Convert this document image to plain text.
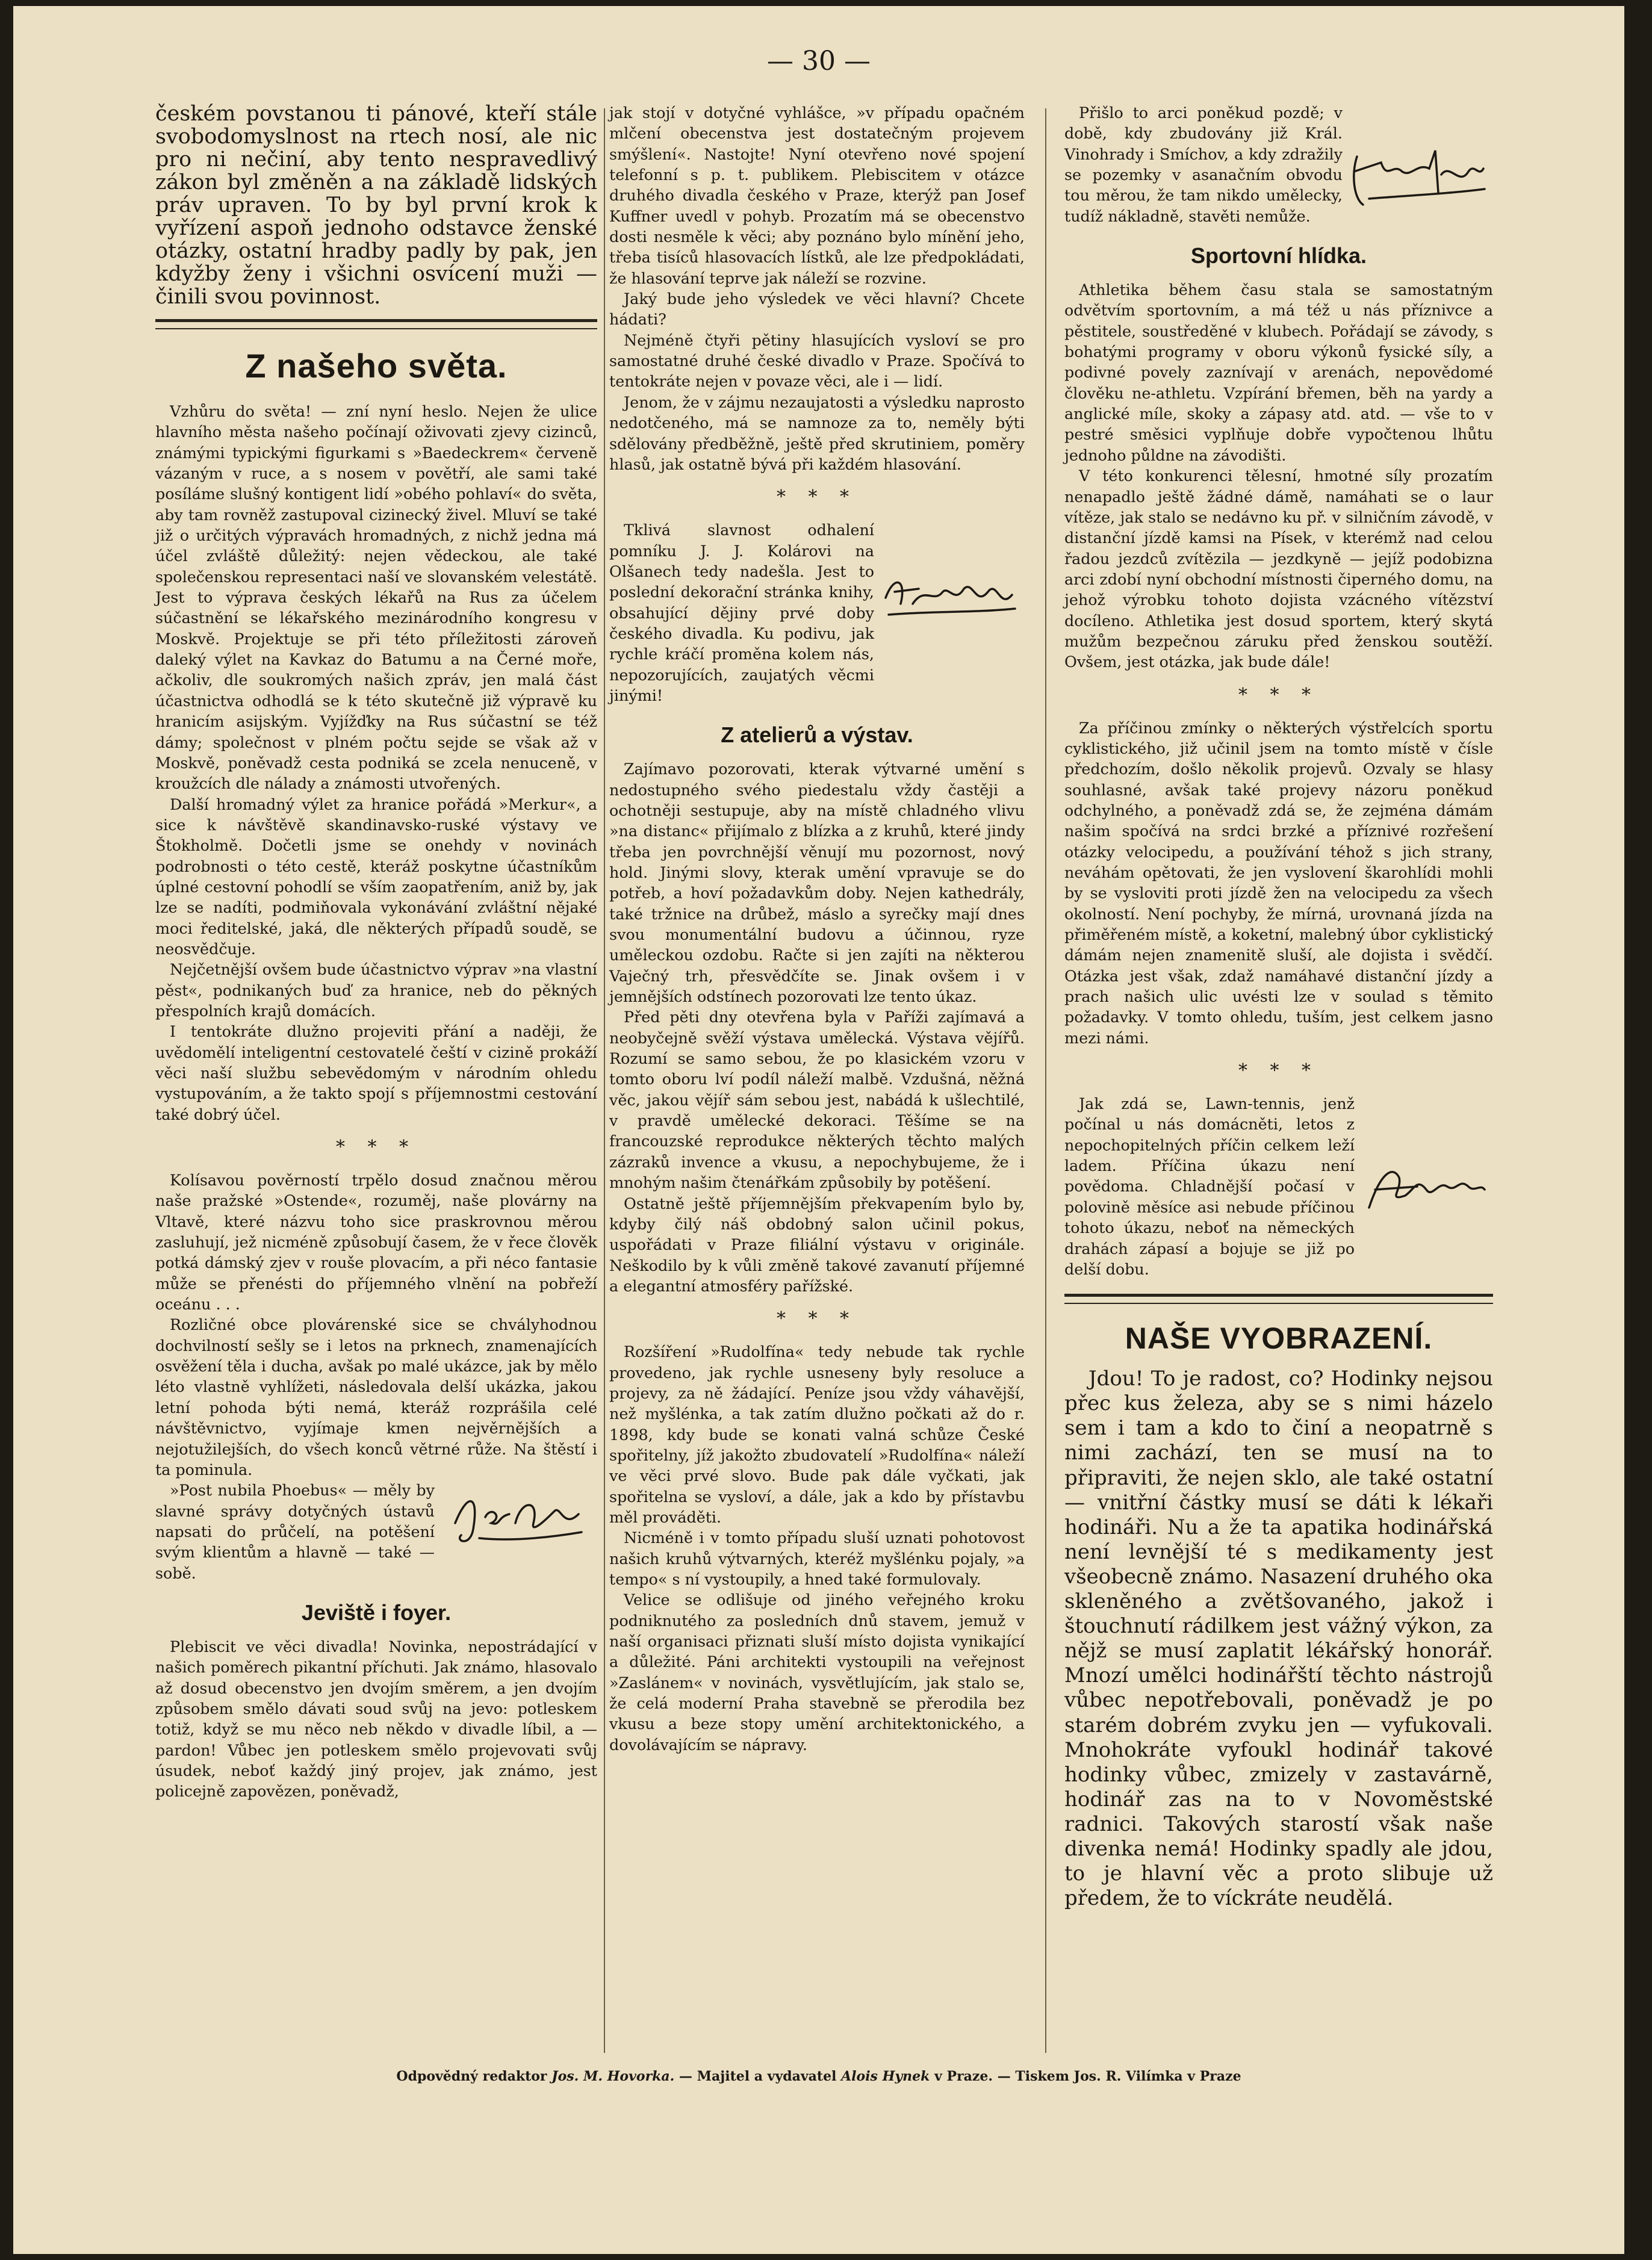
— 30 —

českém povstanou ti pánové, kteří stále svobodomyslnost na rtech nosí, ale nic pro ni nečiní, aby tento nespravedlivý zákon byl změněn a na základě lidských práv upraven. To by byl první krok k vyřízení aspoň jednoho odstavce ženské otázky, ostatní hradby padly by pak, jen kdyžby ženy i všichni osvícení muži — činili svou povinnost.

Z našeho světa.

Vzhůru do světa! — zní nyní heslo. Nejen že ulice hlavního města našeho počínají oživovati zjevy cizinců, známými typickými figurkami s »Baedeckrem« červeně vázaným v ruce, a s nosem v povětří, ale sami také posíláme slušný kontigent lidí »obého pohlaví« do světa, aby tam rovněž zastupoval cizinecký živel. Mluví se také již o určitých výpravách hromadných, z nichž jedna má účel zvláště důležitý: nejen vědeckou, ale také společenskou representaci naší ve slovanském velestátě. Jest to výprava českých lékařů na Rus za účelem súčastnění se lékařského mezinárodního kongresu v Moskvě. Projektuje se při této příležitosti zároveň daleký výlet na Kavkaz do Batumu a na Černé moře, ačkoliv, dle soukromých našich zpráv, jen malá část účastnictva odhodlá se k této skutečně již výpravě ku hranicím asijským. Vyjížďky na Rus súčastní se též dámy; společnost v plném počtu sejde se však až v Moskvě, poněvadž cesta podniká se zcela nenuceně, v kroužcích dle nálady a známosti utvořených.

Další hromadný výlet za hranice pořádá »Merkur«, a sice k návštěvě skandinavsko-ruské výstavy ve Štokholmě. Dočetli jsme se onehdy v novinách podrobnosti o této cestě, kteráž poskytne účastníkům úplné cestovní pohodlí se vším zaopatřením, aniž by, jak lze se nadíti, podmiňovala vykonávání zvláštní nějaké moci ředitelské, jaká, dle některých případů soudě, se neosvědčuje.

Nejčetnější ovšem bude účastnictvo výprav »na vlastní pěst«, podnikaných buď za hranice, neb do pěkných přespolních krajů domácích.

I tentokráte dlužno projeviti přání a naději, že uvědomělí inteligentní cestovatelé čeští v cizině prokáží věci naší službu sebevědomým v národním ohledu vystupováním, a že takto spojí s příjemnostmi cestování také dobrý účel.

* * *

Kolísavou pověrností trpělo dosud značnou měrou naše pražské »Ostende«, rozuměj, naše plovárny na Vltavě, které názvu toho sice praskrovnou měrou zasluhují, jež nicméně způsobují časem, že v řece člověk potká dámský zjev v rouše plovacím, a při néco fantasie může se přenésti do příjemného vlnění na pobřeží oceánu . . .

Rozličné obce plovárenské sice se chvályhodnou dochvilností sešly se i letos na prknech, znamenajících osvěžení těla i ducha, avšak po malé ukázce, jak by mělo léto vlastně vyhlížeti, následovala delší ukázka, jakou letní pohoda býti nemá, kteráž rozprášila celé návštěvnictvo, vyjímaje kmen nejvěrnějších a nejotužilejších, do všech konců větrné růže. Na štěstí i ta pominula.

»Post nubila Phoebus« — měly by slavné správy dotyčných ústavů napsati do průčelí, na potěšení svým klientům a hlavně — také — sobě.

Jeviště i foyer.

Plebiscit ve věci divadla! Novinka, nepostrádající v našich poměrech pikantní příchuti. Jak známo, hlasovalo až dosud obecenstvo jen dvojím směrem, a jen dvojím způsobem smělo dávati soud svůj na jevo: potleskem totiž, když se mu něco neb někdo v divadle líbil, a — pardon! Vůbec jen potleskem smělo projevovati svůj úsudek, neboť každý jiný projev, jak známo, jest policejně zapovězen, poněvadž,

jak stojí v dotyčné vyhlášce, »v případu opačném mlčení obecenstva jest dostatečným projevem smýšlení«. Nastojte! Nyní otevřeno nové spojení telefonní s p. t. publikem. Plebiscitem v otázce druhého divadla českého v Praze, kterýž pan Josef Kuffner uvedl v pohyb. Prozatím má se obecenstvo dosti nesměle k věci; aby poznáno bylo mínění jeho, třeba tisíců hlasovacích lístků, ale lze předpokládati, že hlasování teprve jak náleží se rozvine.

Jaký bude jeho výsledek ve věci hlavní? Chcete hádati?

Nejméně čtyři pětiny hlasujících vysloví se pro samostatné druhé české divadlo v Praze. Spočívá to tentokráte nejen v povaze věci, ale i — lidí.

Jenom, že v zájmu nezaujatosti a výsledku naprosto nedotčeného, má se namnoze za to, neměly býti sdělovány předběžně, ještě před skrutiniem, poměry hlasů, jak ostatně bývá při každém hlasování.

* * *

Tklivá slavnost odhalení pomníku J. J. Kolárovi na Olšanech tedy nadešla. Jest to poslední dekorační stránka knihy, obsahující dějiny prvé doby českého divadla. Ku podivu, jak rychle kráčí proměna kolem nás, nepozorujících, zaujatých věcmi jinými!

Z atelierů a výstav.

Zajímavo pozorovati, kterak výtvarné umění s nedostupného svého piedestalu vždy častěji a ochotněji sestupuje, aby na místě chladného vlivu »na distanc« přijímalo z blízka a z kruhů, které jindy třeba jen povrchnější věnují mu pozornost, nový hold. Jinými slovy, kterak umění vpravuje se do potřeb, a hoví požadavkům doby. Nejen kathedrály, také tržnice na drůbež, máslo a syrečky mají dnes svou monumentální budovu a účinnou, ryze uměleckou ozdobu. Račte si jen zajíti na některou Vaječný trh, přesvědčíte se. Jinak ovšem i v jemnějších odstínech pozorovati lze tento úkaz.

Před pěti dny otevřena byla v Paříži zajímavá a neobyčejně svěží výstava umělecká. Výstava vějířů. Rozumí se samo sebou, že po klasickém vzoru v tomto oboru lví podíl náleží malbě. Vzdušná, něžná věc, jakou vějíř sám sebou jest, nabádá k ušlechtilé, v pravdě umělecké dekoraci. Těšíme se na francouzské reprodukce některých těchto malých zázraků invence a vkusu, a nepochybujeme, že i mnohým našim čtenářkám způsobily by potěšení.

Ostatně ještě příjemnějším překvapením bylo by, kdyby čilý náš obdobný salon učinil pokus, uspořádati v Praze filiální výstavu v originále. Neškodilo by k vůli změně takové zavanutí příjemné a elegantní atmosféry pařížské.

* * *

Rozšíření »Rudolfína« tedy nebude tak rychle provedeno, jak rychle usneseny byly resoluce a projevy, za ně žádající. Peníze jsou vždy váhavější, než myšlénka, a tak zatím dlužno počkati až do r. 1898, kdy bude se konati valná schůze České spořitelny, jíž jakožto zbudovatelí »Rudolfína« náleží ve věci prvé slovo. Bude pak dále vyčkati, jak spořitelna se vysloví, a dále, jak a kdo by přístavbu měl prováděti.

Nicméně i v tomto případu sluší uznati pohotovost našich kruhů výtvarných, kteréž myšlénku pojaly, »a tempo« s ní vystoupily, a hned také formulovaly.

Velice se odlišuje od jiného veřejného kroku podniknutého za posledních dnů stavem, jemuž v naší organisaci přiznati sluší místo dojista vynikající a důležité. Páni architekti vystoupili na veřejnost »Zaslánem« v novinách, vysvětlujícím, jak stalo se, že celá moderní Praha stavebně se přerodila bez vkusu a beze stopy umění architektonického, a dovolávajícím se nápravy.

Přišlo to arci poněkud pozdě; v době, kdy zbudovány již Král. Vinohrady i Smíchov, a kdy zdražily se pozemky v asanačním obvodu tou měrou, že tam nikdo umělecky, tudíž nákladně, stavěti nemůže.

Sportovní hlídka.

Athletika během času stala se samostatným odvětvím sportovním, a má též u nás příznivce a pěstitele, soustředěné v klubech. Pořádají se závody, s bohatými programy v oboru výkonů fysické síly, a podivné povely zaznívají v arenách, nepovědomé člověku ne-athletu. Vzpírání břemen, běh na yardy a anglické míle, skoky a zápasy atd. atd. — vše to v pestré směsici vyplňuje dobře vypočtenou lhůtu jednoho půldne na závodišti.

V této konkurenci tělesní, hmotné síly prozatím nenapadlo ještě žádné dámě, namáhati se o laur vítěze, jak stalo se nedávno ku př. v silničním závodě, v distanční jízdě kamsi na Písek, v kterémž nad celou řadou jezdců zvítězila — jezdkyně — jejíž podobizna arci zdobí nyní obchodní místnosti čiperného domu, na jehož výrobku tohoto dojista vzácného vítězství docíleno. Athletika jest dosud sportem, který skytá mužům bezpečnou záruku před ženskou soutěží. Ovšem, jest otázka, jak bude dále!

* * *

Za příčinou zmínky o některých výstřelcích sportu cyklistického, již učinil jsem na tomto místě v čísle předchozím, došlo několik projevů. Ozvaly se hlasy souhlasné, avšak také projevy názoru poněkud odchylného, a poněvadž zdá se, že zejména dámám našim spočívá na srdci brzké a příznivé rozřešení otázky velocipedu, a používání téhož s jich strany, neváhám opětovati, že jen vyslovení škarohlídi mohli by se vysloviti proti jízdě žen na velocipedu za všech okolností. Není pochyby, že mírná, urovnaná jízda na přiměřeném místě, a koketní, malebný úbor cyklistický dámám nejen znamenitě sluší, ale dojista i svědčí. Otázka jest však, zdaž namáhavé distanční jízdy a prach našich ulic uvésti lze v soulad s těmito požadavky. V tomto ohledu, tuším, jest celkem jasno mezi námi.

* * *

Jak zdá se, Lawn-tennis, jenž počínal u nás domácněti, letos z nepochopitelných příčin celkem leží ladem. Příčina úkazu není povědoma. Chladnější počasí v polovině měsíce asi nebude příčinou tohoto úkazu, neboť na německých drahách zápasí a bojuje se již po delší dobu.

NAŠE VYOBRAZENÍ.

Jdou! To je radost, co? Hodinky nejsou přec kus železa, aby se s nimi házelo sem i tam a kdo to činí a neopatrně s nimi zachází, ten se musí na to připraviti, že nejen sklo, ale také ostatní — vnitřní částky musí se dáti k lékaři hodináři. Nu a že ta apatika hodinářská není levnější té s medikamenty jest všeobecně známo. Nasazení druhého oka skleněného a zvětšovaného, jakož i štouchnutí rádilkem jest vážný výkon, za nějž se musí zaplatit lékářský honorář. Mnozí umělci hodinářští těchto nástrojů vůbec nepotřebovali, poněvadž je po starém dobrém zvyku jen — vyfukovali. Mnohokráte vyfoukl hodinář takové hodinky vůbec, zmizely v zastavárně, hodinář zas na to v Novoměstské radnici. Takových starostí však naše divenka nemá! Hodinky spadly ale jdou, to je hlavní věc a proto slibuje už předem, že to víckráte neudělá.

Odpovědný redaktor Jos. M. Hovorka. — Majitel a vydavatel Alois Hynek v Praze. — Tiskem Jos. R. Vilímka v Praze
